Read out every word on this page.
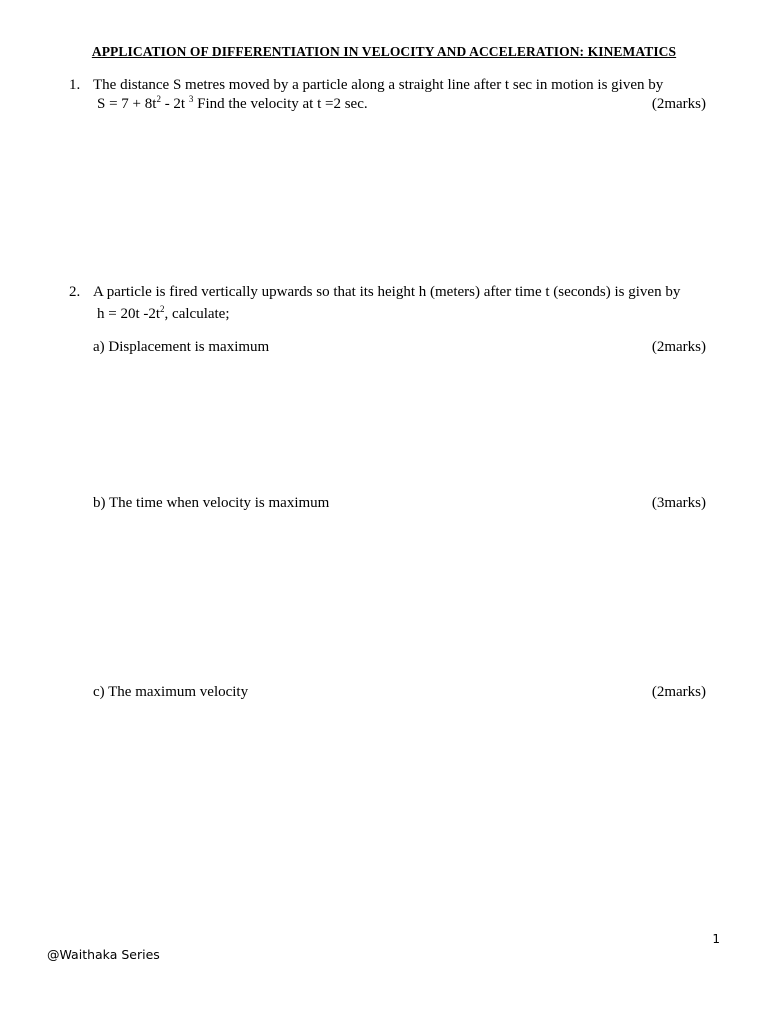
APPLICATION OF DIFFERENTIATION IN VELOCITY AND ACCELERATION: KINEMATICS
1. The distance S metres moved by a particle along a straight line after t sec in motion is given by
$S = 7 + 8t^2 - 2t$ $^3$ Find the velocity at t =2 sec.	(2marks)
2. A particle is fired vertically upwards so that its height h (meters) after time t (seconds) is given by
h = 20t $-2t^2$, calculate;
a) Displacement is maximum	(2marks)
b) The time when velocity is maximum	(3marks)
c) The maximum velocity	(2marks)
1
@Waithaka Series
